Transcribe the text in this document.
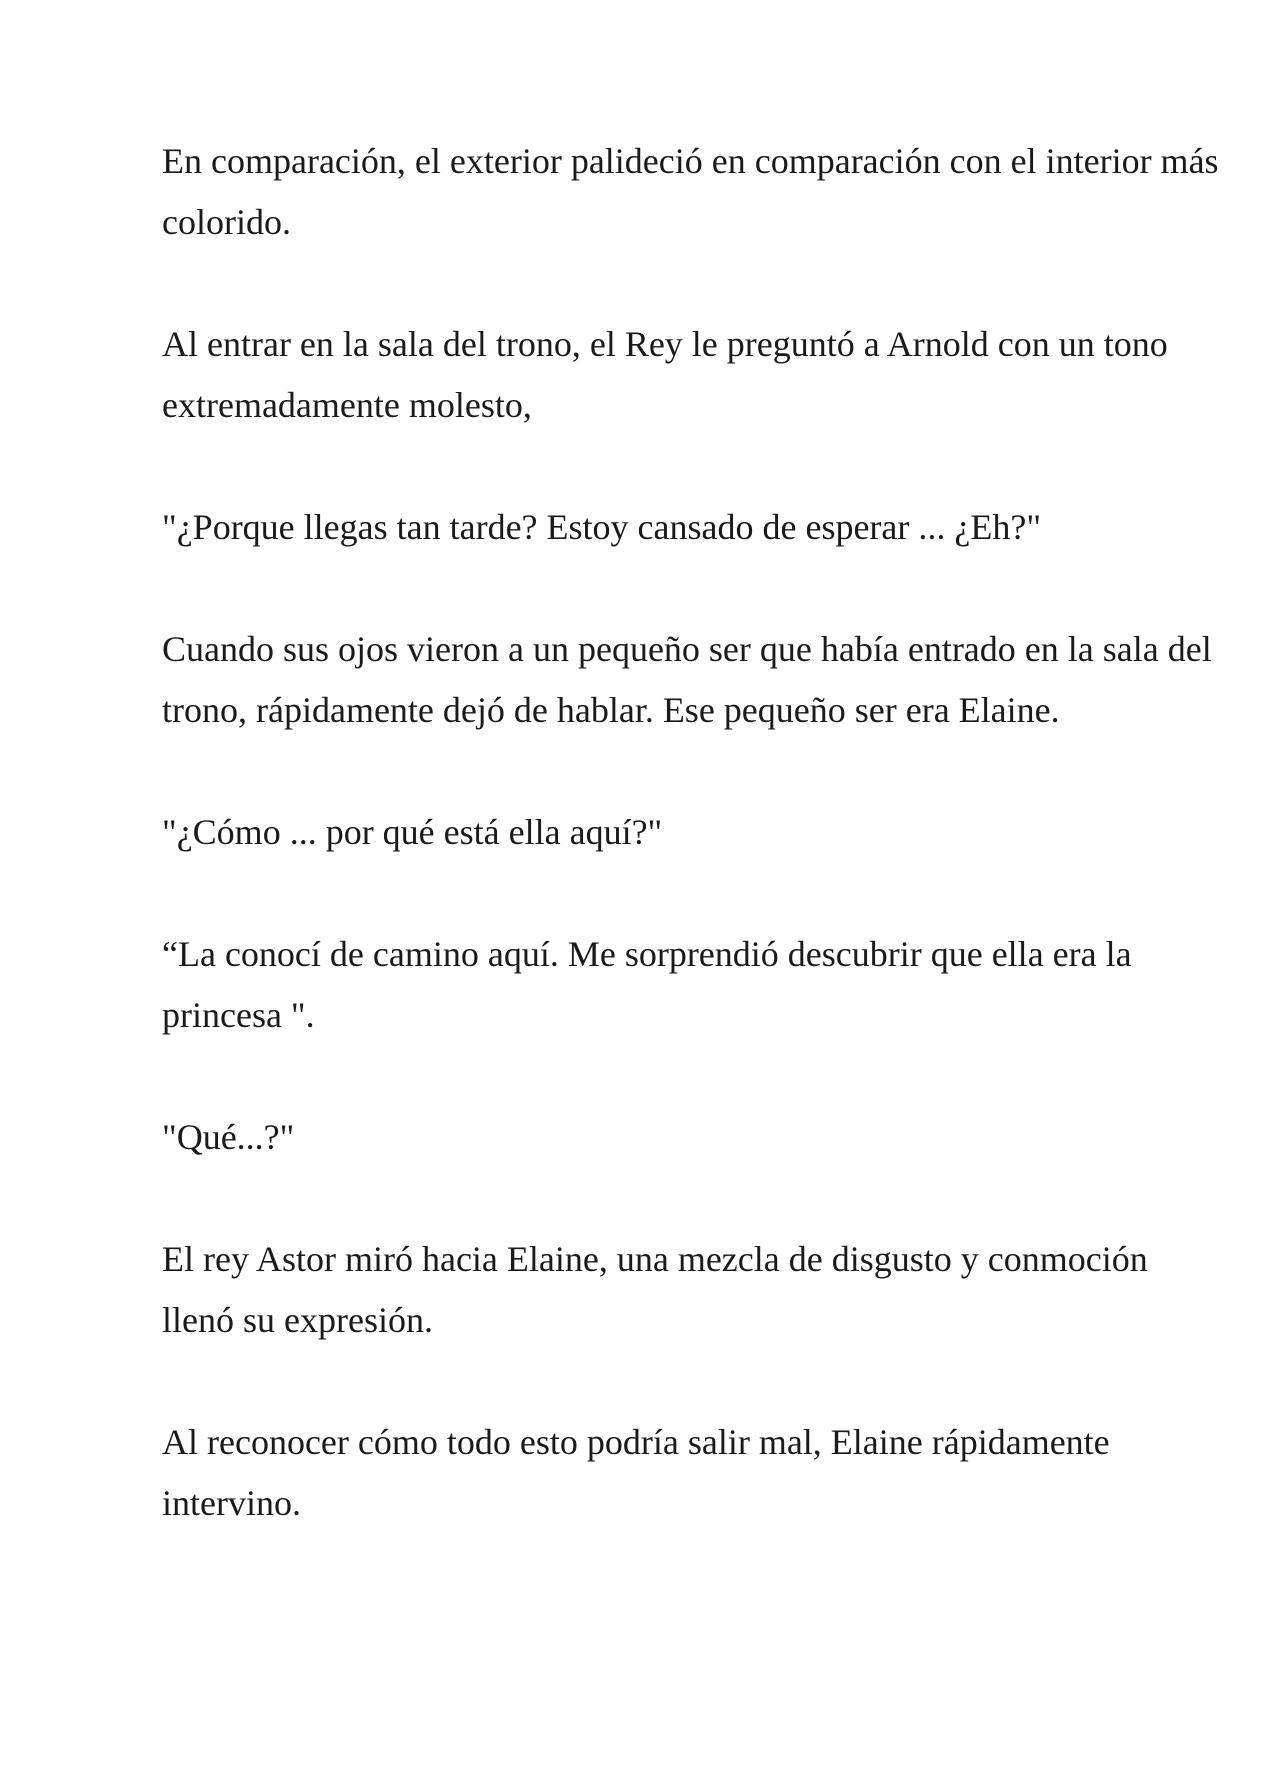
En comparación, el exterior palideció en comparación con el interior más colorido.

Al entrar en la sala del trono, el Rey le preguntó a Arnold con un tono extremadamente molesto,

"¿Porque llegas tan tarde? Estoy cansado de esperar ... ¿Eh?"

Cuando sus ojos vieron a un pequeño ser que había entrado en la sala del trono, rápidamente dejó de hablar. Ese pequeño ser era Elaine.

"¿Cómo ... por qué está ella aquí?"

“La conocí de camino aquí. Me sorprendió descubrir que ella era la princesa ".

"Qué...?"

El rey Astor miró hacia Elaine, una mezcla de disgusto y conmoción llenó su expresión.

Al reconocer cómo todo esto podría salir mal, Elaine rápidamente intervino.
